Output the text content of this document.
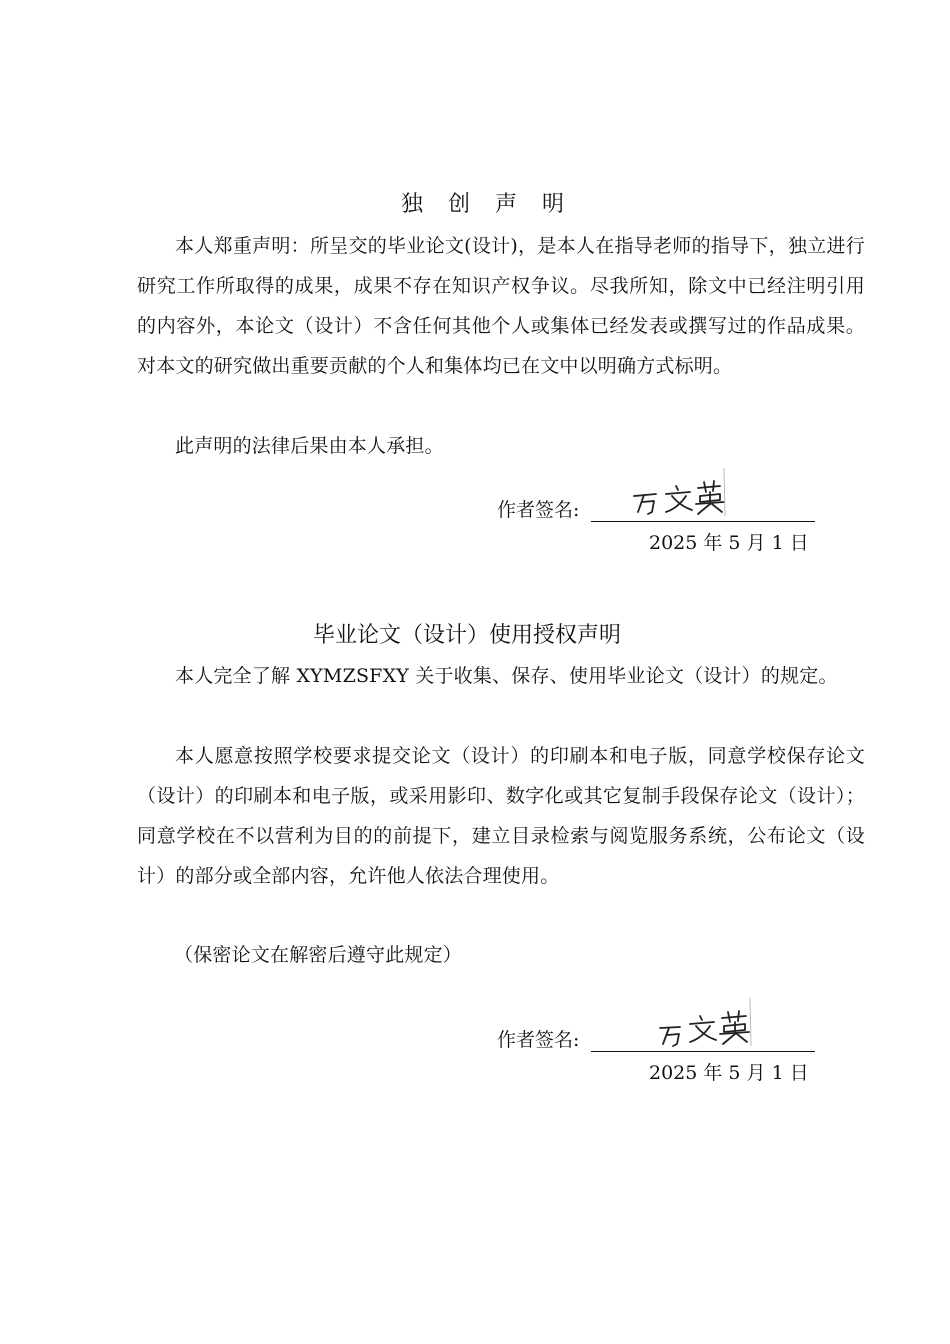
独 创 声 明

本人郑重声明：所呈交的毕业论文(设计)，是本人在指导老师的指导下，独立进行研究工作所取得的成果，成果不存在知识产权争议。尽我所知，除文中已经注明引用的内容外，本论文（设计）不含任何其他个人或集体已经发表或撰写过的作品成果。对本文的研究做出重要贡献的个人和集体均已在文中以明确方式标明。

此声明的法律后果由本人承担。

作者签名:
2025 年 5 月 1 日
毕业论文（设计）使用授权声明

本人完全了解 XYMZSFXY 关于收集、保存、使用毕业论文（设计）的规定。

本人愿意按照学校要求提交论文（设计）的印刷本和电子版，同意学校保存论文（设计）的印刷本和电子版，或采用影印、数字化或其它复制手段保存论文（设计）；同意学校在不以营利为目的的前提下，建立目录检索与阅览服务系统，公布论文（设计）的部分或全部内容，允许他人依法合理使用。

（保密论文在解密后遵守此规定）

作者签名:
2025 年 5 月 1 日
